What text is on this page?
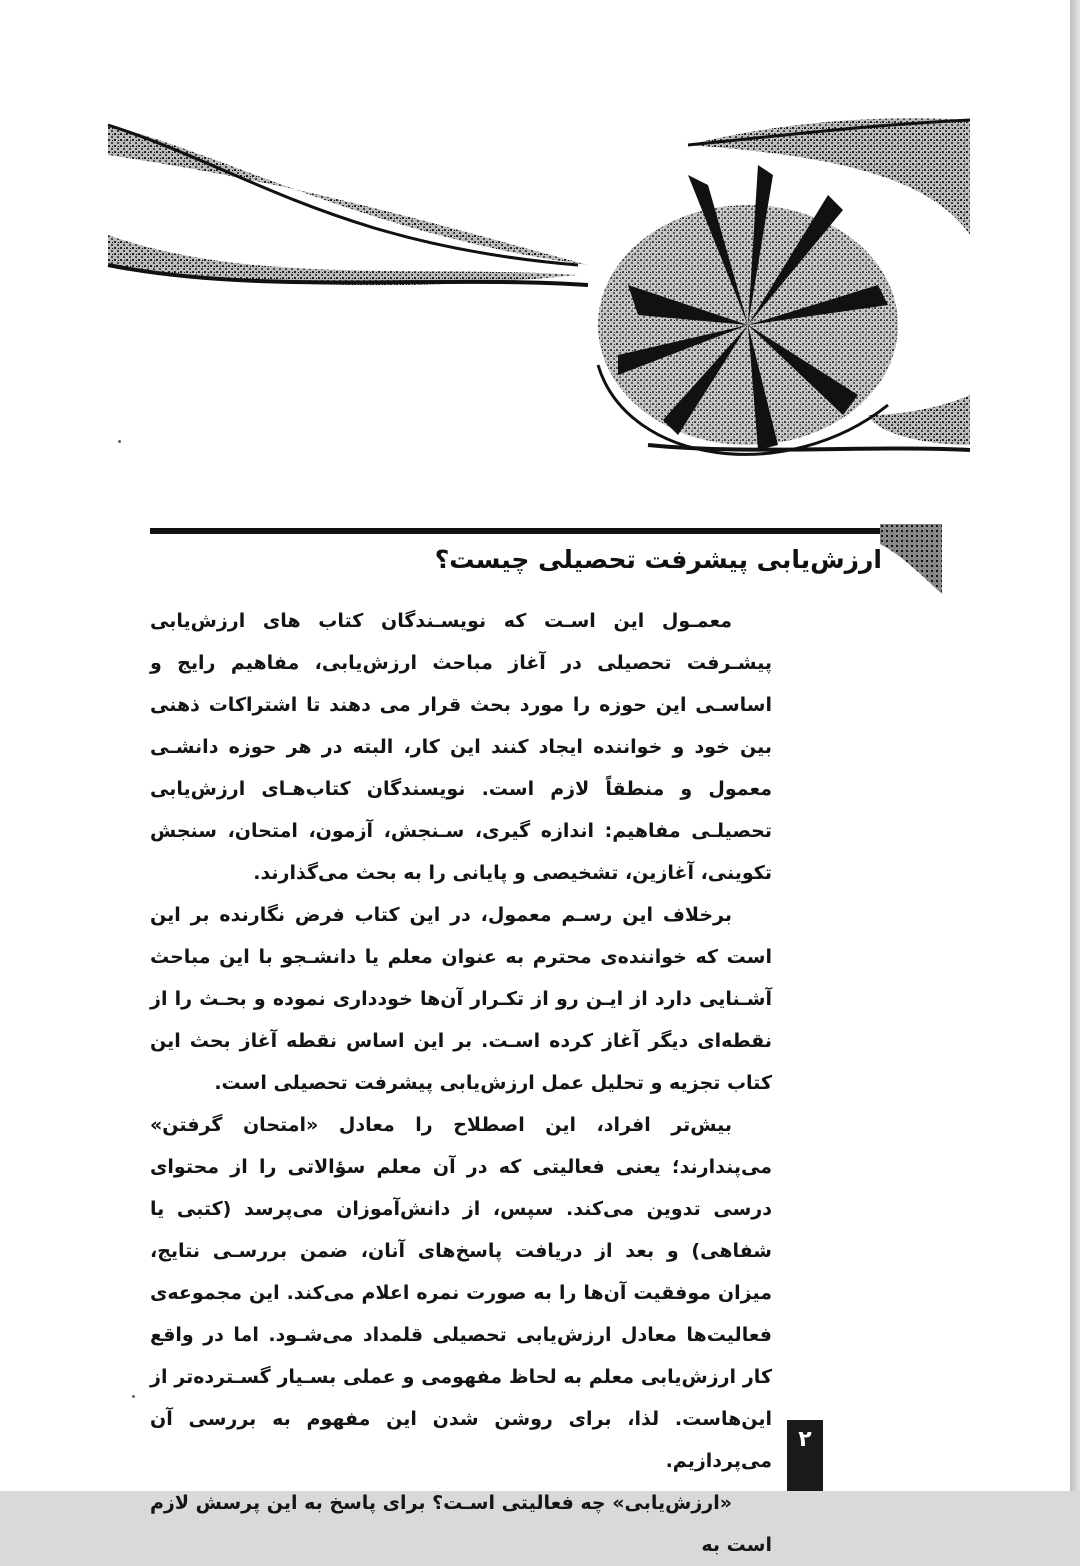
ارزش‌یابی پیشرفت تحصیلی چیست؟

معمـول این اسـت که نویسـندگان کتاب های ارزش‌یابی پیشـرفت تحصیلی در آغاز مباحث ارزش‌یابی، مفاهیم رایج و اساسـی این حوزه را مورد بحث قرار می دهند تا اشتراکات ذهنی بین خود و خواننده ایجاد کنند این کار، البته در هر حوزه دانشـی معمول و منطقاً لازم است. نویسندگان کتاب‌هـای ارزش‌یابی تحصیلـی مفاهیم: اندازه گیری، سـنجش، آزمون، امتحان، سنجش تکوینی، آغازین، تشخیصی و پایانی را به بحث می‌گذارند.

برخلاف این رسـم معمول، در این کتاب فرض نگارنده بر این است که خواننده‌ی محترم به عنوان معلم یا دانشـجو با این مباحث آشـنایی دارد از ایـن رو از تکـرار آن‌ها خودداری نموده و بحـث را از نقطه‌ای دیگر آغاز کرده اسـت. بر این اساس نقطه آغاز بحث این کتاب تجزیه و تحلیل عمل ارزش‌یابی پیشرفت تحصیلی است.

بیش‌تر افراد، این اصطلاح را معادل «امتحان گرفتن» می‌پندارند؛ یعنی فعالیتی که در آن معلم سؤالاتی را از محتوای درسی تدوین می‌کند. سپس، از دانش‌آموزان می‌پرسد (کتبی یا شفاهی) و بعد از دریافت پاسخ‌های آنان، ضمن بررسـی نتایج، میزان موفقیت آن‌ها را به صورت نمره اعلام می‌کند. این مجموعه‌ی فعالیت‌ها معادل ارزش‌یابی تحصیلی قلمداد می‌شـود. اما در واقع کار ارزش‌یابی معلم به لحاظ مفهومی و عملی بسـیار گسـترده‌تر از این‌هاست. لذا، برای روشن شدن این مفهوم به بررسی آن می‌پردازیم.

«ارزش‌یابی» چه فعالیتی اسـت؟ برای پاسخ به این پرسش لازم است به

۲
